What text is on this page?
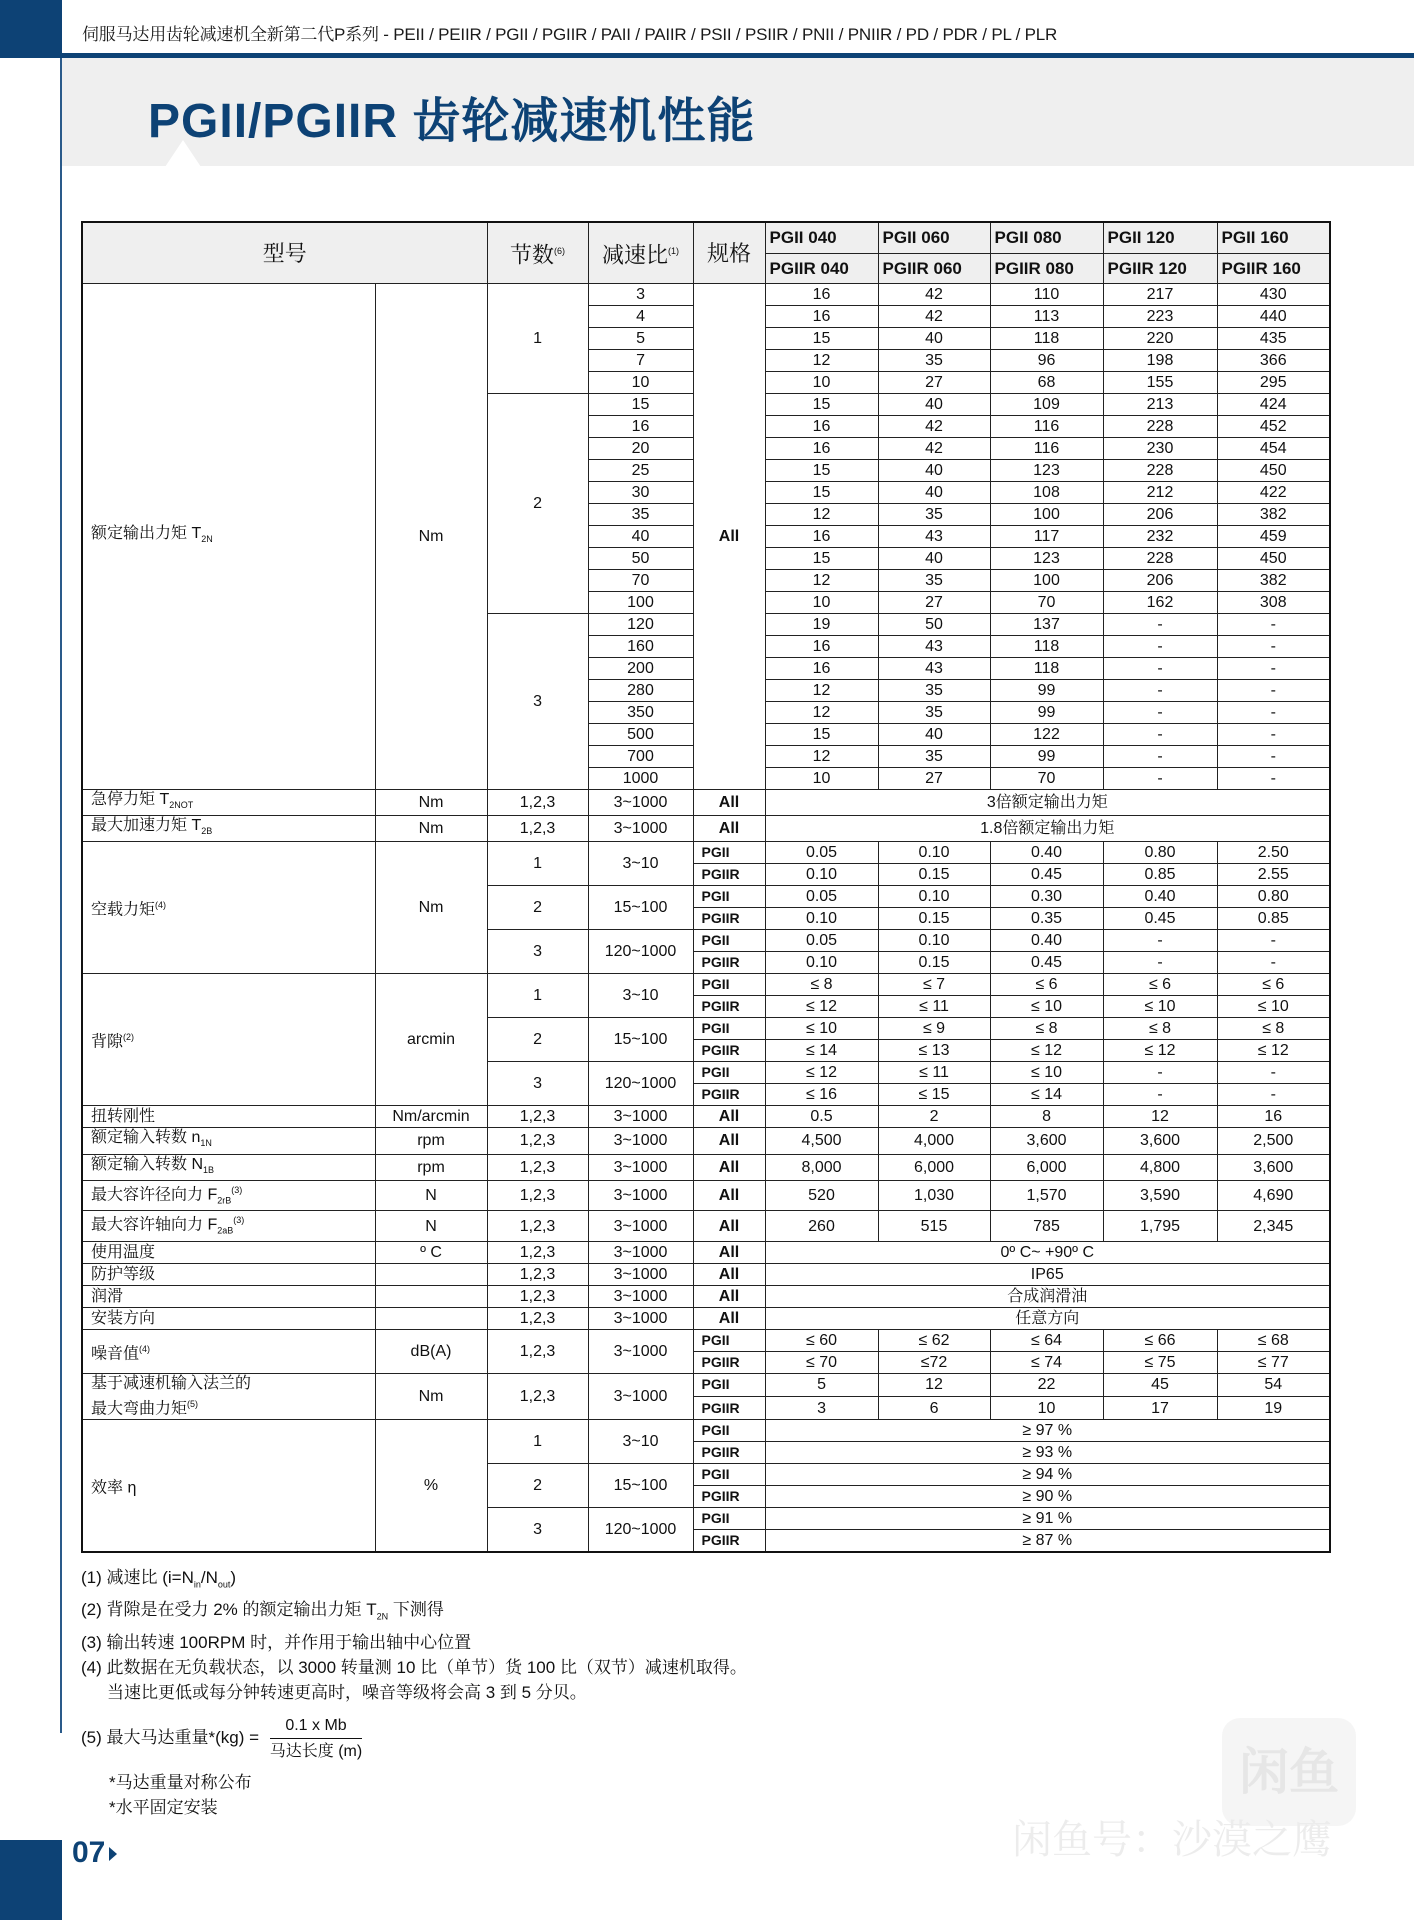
伺服马达用齿轮减速机全新第二代P系列 - PEII / PEIIR / PGII / PGIIR / PAII / PAIIR / PSII / PSIIR / PNII / PNIIR / PD / PDR / PL / PLR
PGII/PGIIR 齿轮减速机性能
型号		节数$^{(6)}$	减速比$^{(1)}$	规格	PGII 040	PGII 060	PGII 080	PGII 120	PGII 160
					PGIIR 040	PGIIR 060	PGIIR 080	PGIIR 120	PGIIR 160
额定输出力矩 $T_{2N}$	Nm	1	3	All	16	42	110	217	430
			4		16	42	113	223	440
			5		15	40	118	220	435
			7		12	35	96	198	366
			10		10	27	68	155	295
		2	15		15	40	109	213	424
			16		16	42	116	228	452
			20		16	42	116	230	454
			25		15	40	123	228	450
			30		15	40	108	212	422
			35		12	35	100	206	382
			40		16	43	117	232	459
			50		15	40	123	228	450
			70		12	35	100	206	382
			100		10	27	70	162	308
		3	120		19	50	137	-	-
			160		16	43	118	-	-
			200		16	43	118	-	-
			280		12	35	99	-	-
			350		12	35	99	-	-
			500		15	40	122	-	-
			700		12	35	99	-	-
			1000		10	27	70	-	-
急停力矩 $T_{2NOT}$	Nm	1,2,3	3~1000	All	3倍额定输出力矩				
最大加速力矩 $T_{2B}$	Nm	1,2,3	3~1000	All	1.8倍额定输出力矩				
空载力矩$^{(4)}$	Nm	1	3~10	PGII	0.05	0.10	0.40	0.80	2.50
				PGIIR	0.10	0.15	0.45	0.85	2.55
		2	15~100	PGII	0.05	0.10	0.30	0.40	0.80
				PGIIR	0.10	0.15	0.35	0.45	0.85
		3	120~1000	PGII	0.05	0.10	0.40	-	-
				PGIIR	0.10	0.15	0.45	-	-
背隙$^{(2)}$	arcmin	1	3~10	PGII	≤ 8	≤ 7	≤ 6	≤ 6	≤ 6
				PGIIR	≤ 12	≤ 11	≤ 10	≤ 10	≤ 10
		2	15~100	PGII	≤ 10	≤ 9	≤ 8	≤ 8	≤ 8
				PGIIR	≤ 14	≤ 13	≤ 12	≤ 12	≤ 12
		3	120~1000	PGII	≤ 12	≤ 11	≤ 10	-	-
				PGIIR	≤ 16	≤ 15	≤ 14	-	-
扭转刚性	Nm/arcmin	1,2,3	3~1000	All	0.5	2	8	12	16
额定输入转数 $n_{1N}$	rpm	1,2,3	3~1000	All	4,500	4,000	3,600	3,600	2,500
额定输入转数 $N_{1B}$	rpm	1,2,3	3~1000	All	8,000	6,000	6,000	4,800	3,600
最大容许径向力 $F_{2rB}^{(3)}$	N	1,2,3	3~1000	All	520	1,030	1,570	3,590	4,690
最大容许轴向力 $F_{2aB}^{(3)}$	N	1,2,3	3~1000	All	260	515	785	1,795	2,345
使用温度	º C	1,2,3	3~1000	All	0º C~ +90º C				
防护等级		1,2,3	3~1000	All	IP65				
润滑		1,2,3	3~1000	All	合成润滑油				
安装方向		1,2,3	3~1000	All	任意方向				
噪音值$^{(4)}$	dB(A)	1,2,3	3~1000	PGII	≤ 60	≤ 62	≤ 64	≤ 66	≤ 68
				PGIIR	≤ 70	≤72	≤ 74	≤ 75	≤ 77
基于减速机输入法兰的
最大弯曲力矩$^{(5)}$	Nm	1,2,3	3~1000	PGII	5	12	22	45	54
				PGIIR	3	6	10	17	19
效率 η	%	1	3~10	PGII	≥ 97 %				
				PGIIR	≥ 93 %				
		2	15~100	PGII	≥ 94 %				
				PGIIR	≥ 90 %				
		3	120~1000	PGII	≥ 91 %				
				PGIIR	≥ 87 %				
(1) 减速比 $(i=N_{in}/N_{out})$
(2) 背隙是在受力 2% 的额定输出力矩 $T_{2N}$ 下测得
(3) 输出转速 100RPM 时，并作用于输出轴中心位置
(4) 此数据在无负载状态，以 3000 转量测 10 比（单节）货 100 比（双节）减速机取得。
当速比更低或每分钟转速更高时，噪音等级将会高 3 到 5 分贝。
(5) 最大马达重量$*(kg) = \frac{\text{0.1 x Mb}}{\text{马达长度 (m)}}$
*马达重量对称公布
*水平固定安装
07
闲鱼
闲鱼号：沙漠之鹰
